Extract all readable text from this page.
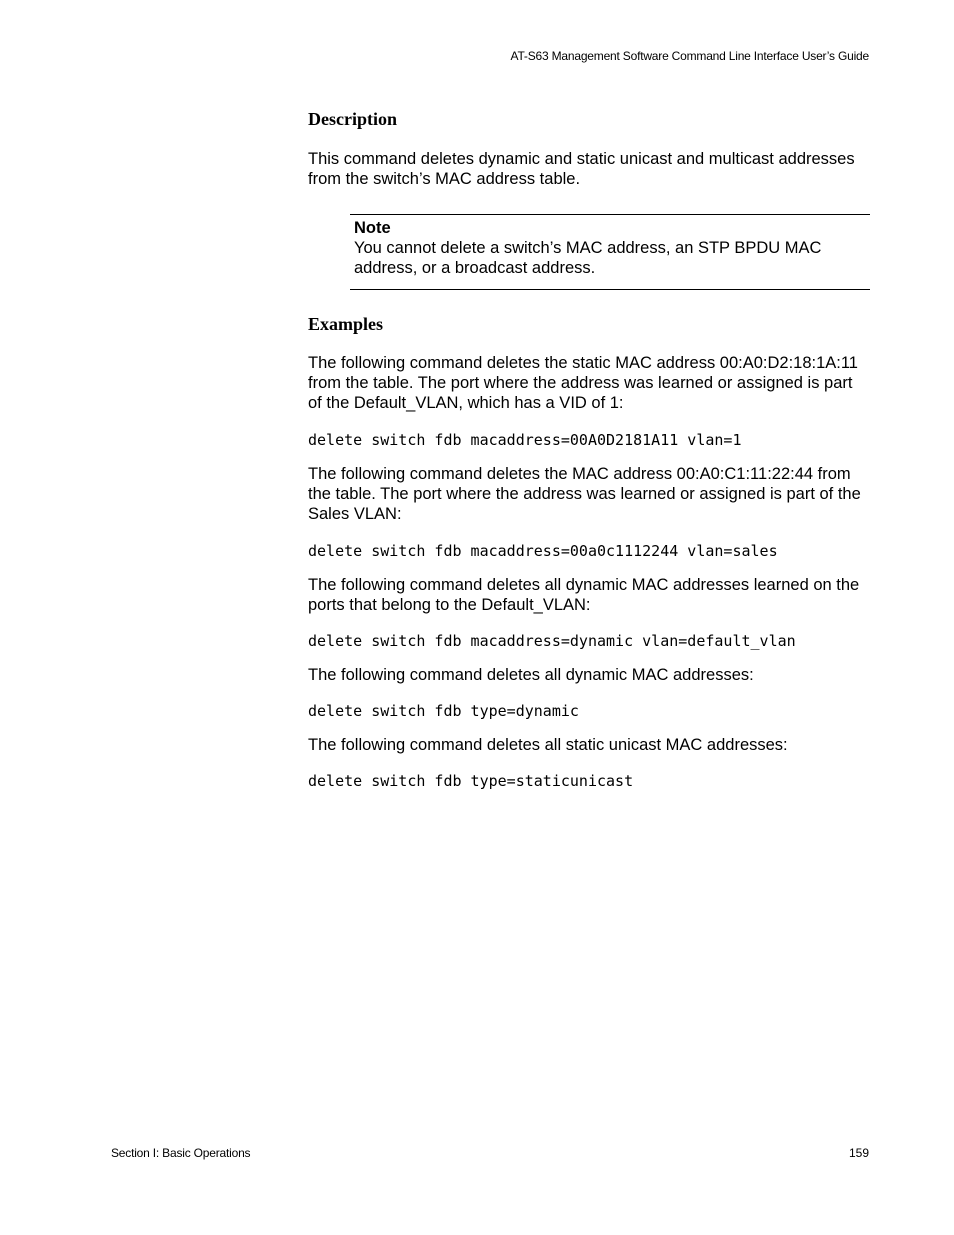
AT-S63 Management Software Command Line Interface User’s Guide
Description

This command deletes dynamic and static unicast and multicast addresses from the switch’s MAC address table.

Note
You cannot delete a switch’s MAC address, an STP BPDU MAC address, or a broadcast address.
Examples

The following command deletes the static MAC address 00:A0:D2:18:1A:11 from the table. The port where the address was learned or assigned is part of the Default_VLAN, which has a VID of 1:

delete switch fdb macaddress=00A0D2181A11 vlan=1

The following command deletes the MAC address 00:A0:C1:11:22:44 from the table. The port where the address was learned or assigned is part of the Sales VLAN:

delete switch fdb macaddress=00a0c1112244 vlan=sales

The following command deletes all dynamic MAC addresses learned on the ports that belong to the Default_VLAN:

delete switch fdb macaddress=dynamic vlan=default_vlan

The following command deletes all dynamic MAC addresses:

delete switch fdb type=dynamic

The following command deletes all static unicast MAC addresses:

delete switch fdb type=staticunicast
Section I: Basic Operations	159
